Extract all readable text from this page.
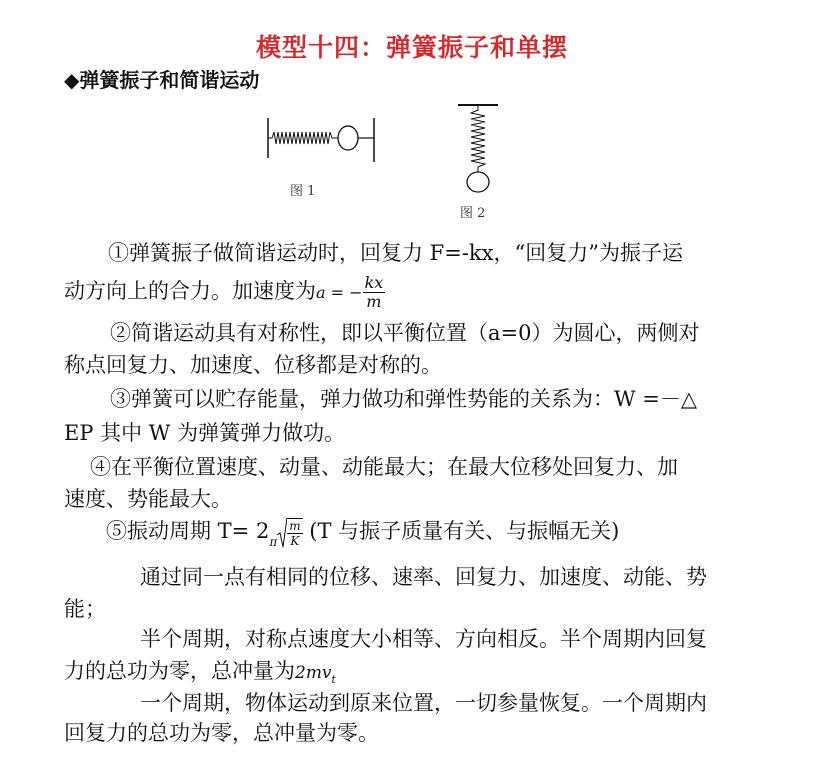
模型十四：弹簧振子和单摆
◆弹簧振子和简谐运动
图 1
图 2
①弹簧振子做简谐运动时，回复力 F=-kx，“回复力”为振子运
动方向上的合力。加速度为a = − $\frac{kx}{m}$
②简谐运动具有对称性，即以平衡位置（a=0）为圆心，两侧对
称点回复力、加速度、位移都是对称的。
③弹簧可以贮存能量，弹力做功和弹性势能的关系为：W =－△
EP 其中 W 为弹簧弹力做功。
④在平衡位置速度、动量、动能最大；在最大位移处回复力、加
速度、势能最大。
⑤振动周期 $T= 2_\pi \frac{m}{K} (T$ 与振子质量有关、与振幅无关)
通过同一点有相同的位移、速率、回复力、加速度、动能、势
能；
半个周期，对称点速度大小相等、方向相反。半个周期内回复
力的总功为零，总冲量为$2mv_t$
一个周期，物体运动到原来位置，一切参量恢复。一个周期内
回复力的总功为零，总冲量为零。
